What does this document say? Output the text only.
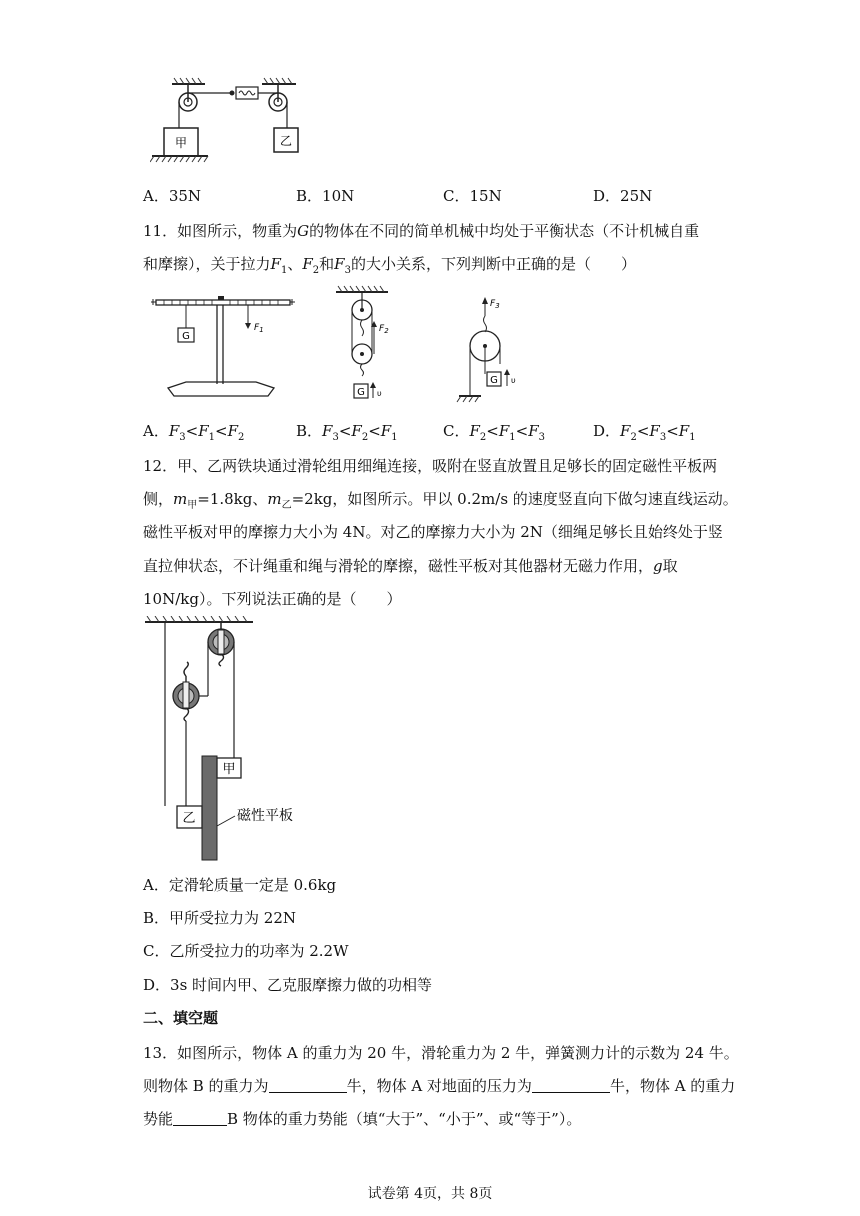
甲	乙
A．35N	B．10N	C．15N	D．25N
11．如图所示，物重为G的物体在不同的简单机械中均处于平衡状态（不计机械自重
和摩擦），关于拉力$F_1$、$F_2$和$F_3$的大小关系，下列判断中正确的是（　　）
G
$F_1$	$F_2$
G υ
$F_3$
G υ
A．$F_3<F_1<F_2$	B．$F_3<F_2<F_1$	C．$F_2<F_1<F_3$	D．$F_2<F_3<F_1$
12．甲、乙两铁块通过滑轮组用细绳连接，吸附在竖直放置且足够长的固定磁性平板两
侧，$m_甲=1.8kg$、$m_乙=2kg$，如图所示。甲以 0.2m/s 的速度竖直向下做匀速直线运动。
磁性平板对甲的摩擦力大小为 4N。对乙的摩擦力大小为 2N（细绳足够长且始终处于竖
直拉伸状态，不计绳重和绳与滑轮的摩擦，磁性平板对其他器材无磁力作用，g取
10N/kg）。下列说法正确的是（　　）
甲
乙	磁性平板
A．定滑轮质量一定是 0.6kg
B．甲所受拉力为 22N
C．乙所受拉力的功率为 2.2W
D．3s 时间内甲、乙克服摩擦力做的功相等
二、填空题
13．如图所示，物体 A 的重力为 20 牛，滑轮重力为 2 牛，弹簧测力计的示数为 24 牛。
则物体 B 的重力为	牛，物体 A 对地面的压力为	牛，物体 A 的重力
势能	B 物体的重力势能（填“大于”、“小于”、或“等于”）。
试卷第 4页，共 8页
